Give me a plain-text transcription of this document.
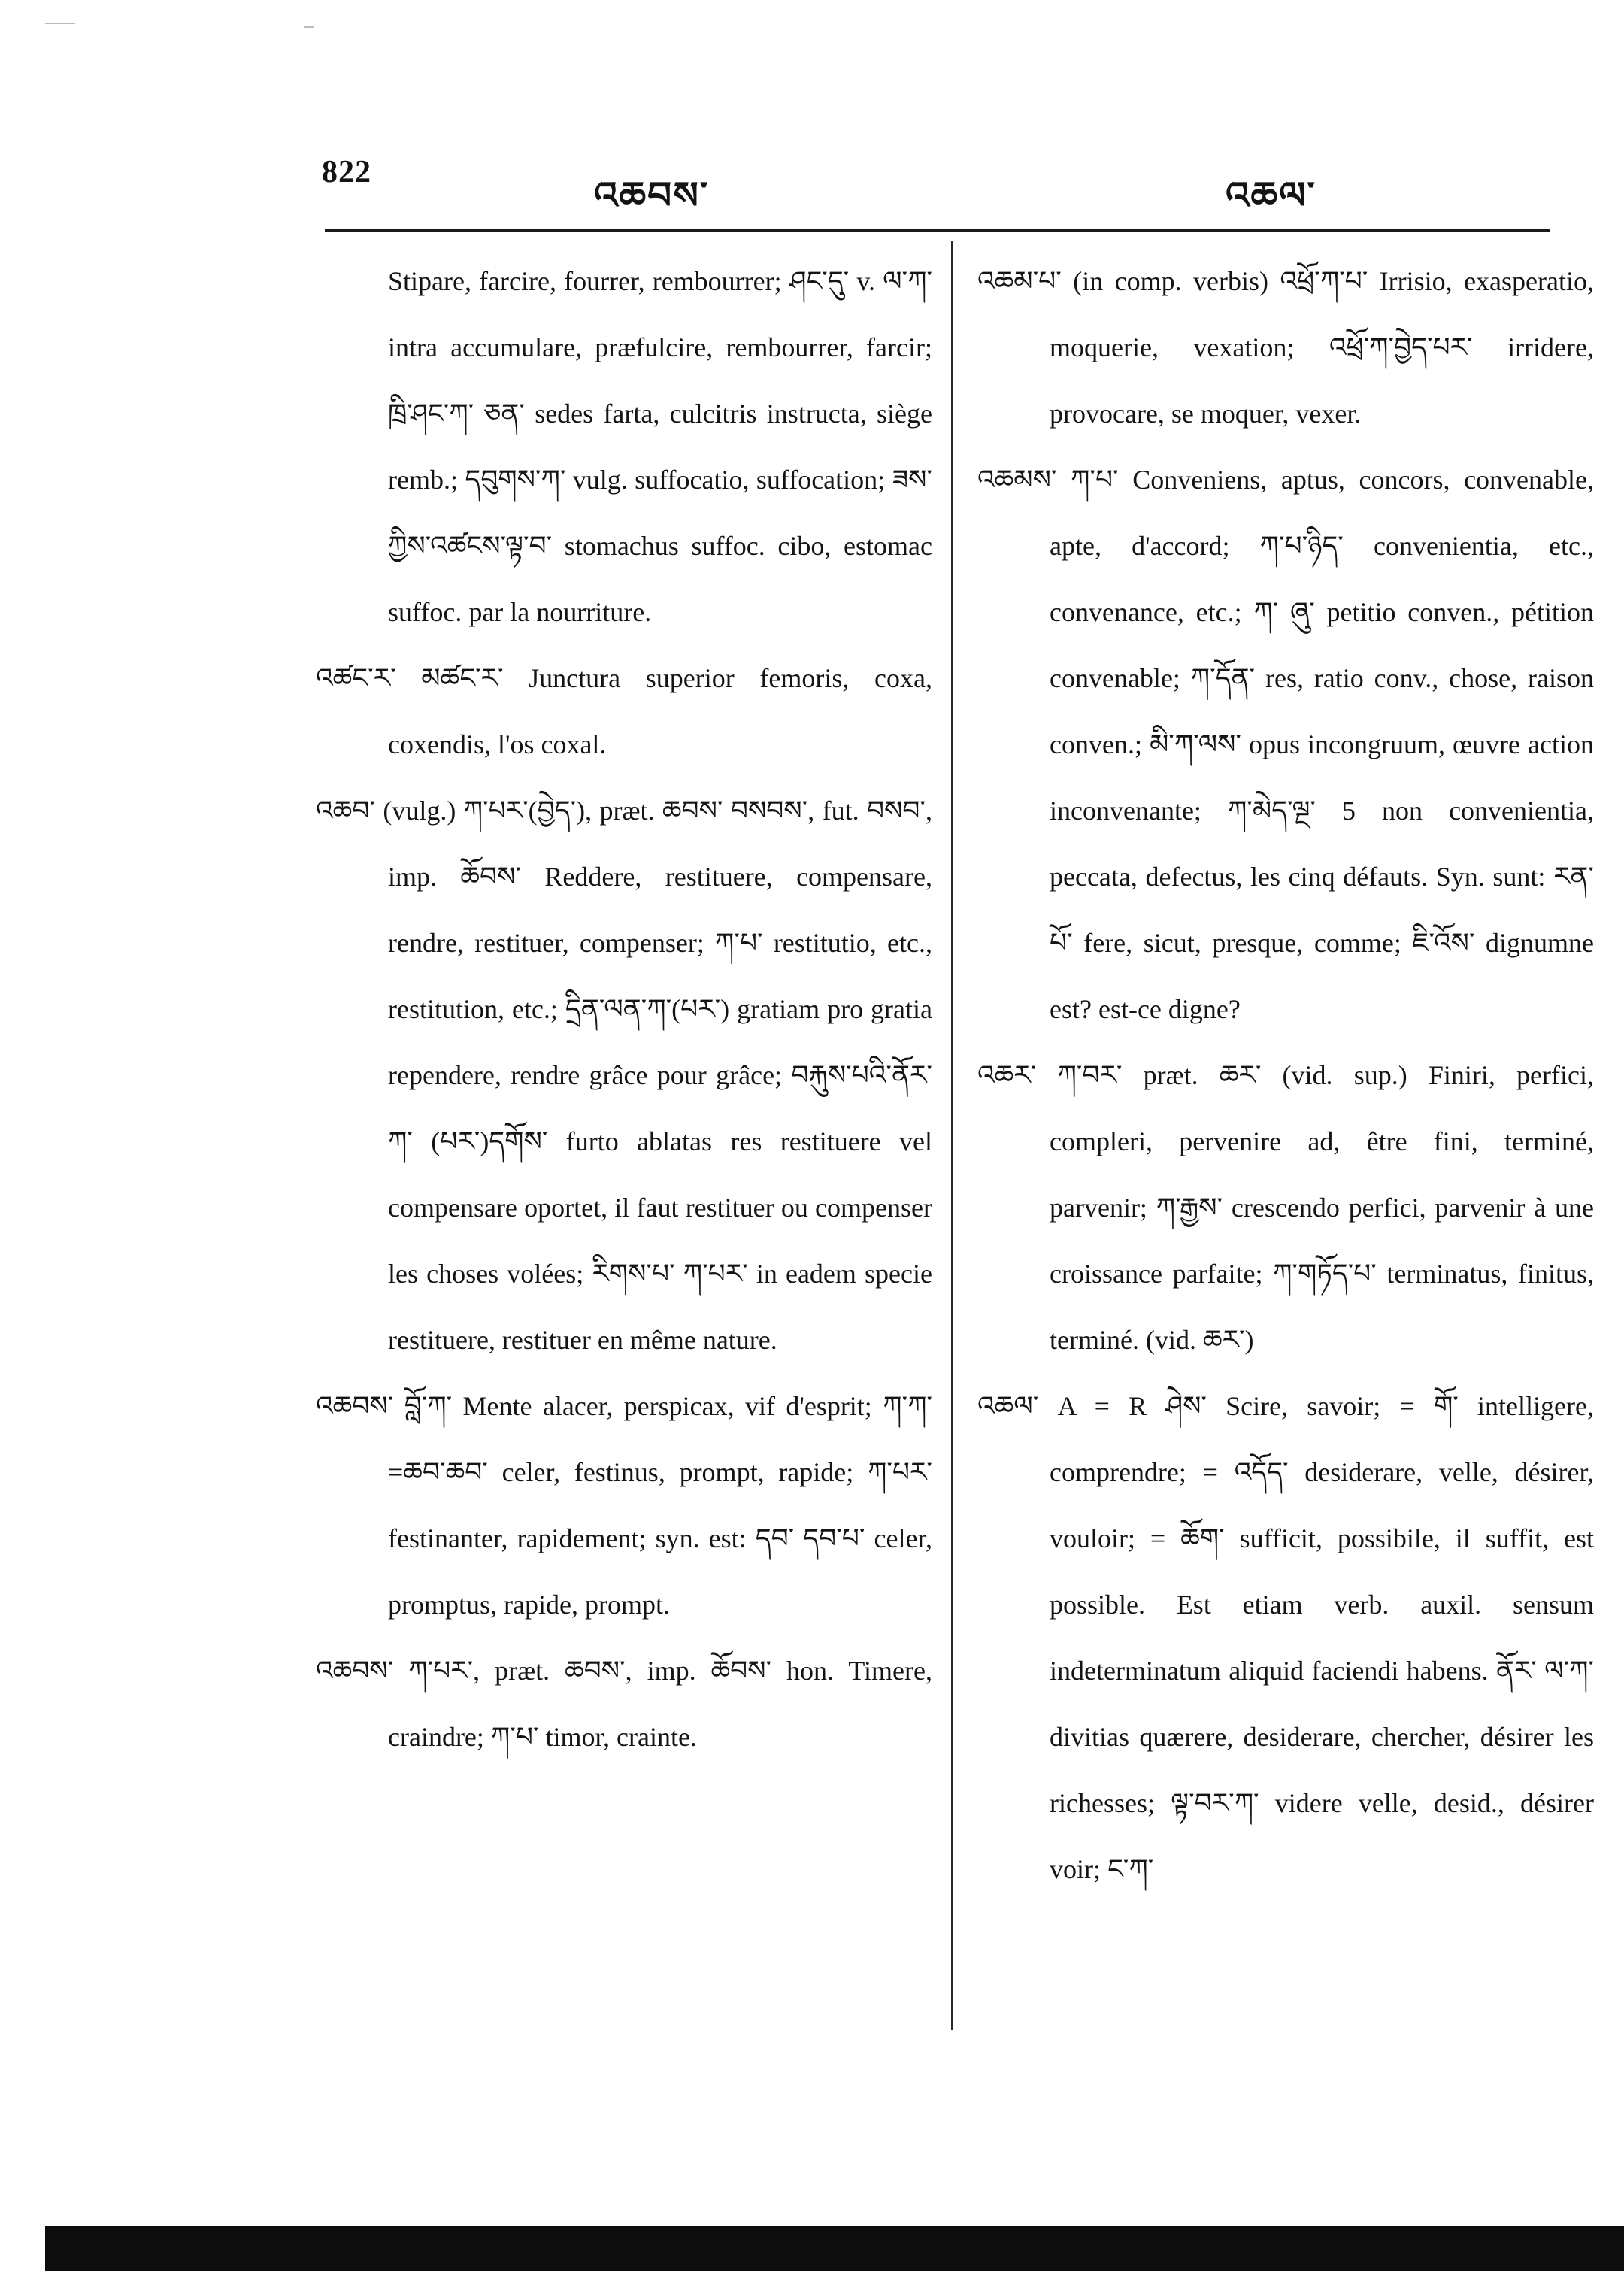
822
འཆབས་	འཆལ་

Stipare, farcire, fourrer, rembourrer; ཤང་དུ་ v. ལ་ཀ་ intra accumulare, præfulcire, rembourrer, farcir; ཁྲི་ཤང་ཀ་ ཅན་ sedes farta, culcitris instructa, siège remb.; དབུགས་ཀ་ vulg. suffocatio, suffocation; ཟས་ཀྱིས་འཚངས་ལྟ་བ་ stomachus suffoc. cibo, estomac suffoc. par la nourriture.

འཚང་ར་ མཚང་ར་ Junctura superior femoris, coxa, coxendis, l'os coxal.

འཆབ་ (vulg.) ཀ་པར་(བྱེད་), præt. ཆབས་ བསབས་, fut. བསབ་, imp. ཆོབས་ Reddere, restituere, compensare, rendre, restituer, compenser; ཀ་པ་ restitutio, etc., restitution, etc.; དྲིན་ལན་ཀ་(པར་) gratiam pro gratia rependere, rendre grâce pour grâce; བརྐུས་པའི་ནོར་ཀ་ (པར་)དགོས་ furto ablatas res restituere vel compensare oportet, il faut restituer ou compenser les choses volées; རིགས་པ་ ཀ་པར་ in eadem specie restituere, restituer en même nature.

འཆབས་ བློ་ཀ་ Mente alacer, perspicax, vif d'esprit; ཀ་ཀ་=ཆབ་ཆབ་ celer, festinus, prompt, rapide; ཀ་པར་ festinanter, rapidement; syn. est: དབ་ དབ་པ་ celer, promptus, rapide, prompt.

འཆབས་ ཀ་པར་, præt. ཆབས་, imp. ཆོབས་ hon. Timere, craindre; ཀ་པ་ timor, crainte.

འཆམ་པ་ (in comp. verbis) འཕྲོ་ཀ་པ་ Irrisio, exasperatio, moquerie, vexation; འཕྲོ་ཀ་བྱེད་པར་ irridere, provocare, se moquer, vexer.

འཆམས་ ཀ་པ་ Conveniens, aptus, concors, convenable, apte, d'accord; ཀ་པ་ཉིད་ convenientia, etc., convenance, etc.; ཀ་ ཞུ་ petitio conven., pétition convenable; ཀ་དོན་ res, ratio conv., chose, raison conven.; མི་ཀ་ལས་ opus incongruum, œuvre action inconvenante; ཀ་མེད་ལྔ་ 5 non convenientia, peccata, defectus, les cinq défauts. Syn. sunt: རན་པོ་ fere, sicut, presque, comme; ཇི་འོས་ dignumne est? est-ce digne?

འཆར་ ཀ་བར་ præt. ཆར་ (vid. sup.) Finiri, perfici, compleri, pervenire ad, être fini, terminé, parvenir; ཀ་རྒྱས་ crescendo perfici, parvenir à une croissance parfaite; ཀ་གཏོད་པ་ terminatus, finitus, terminé. (vid. ཆར་)

འཆལ་ A = R ཤེས་ Scire, savoir; = གོ་ intelligere, comprendre; = འདོད་ desiderare, velle, désirer, vouloir; = ཆོག་ sufficit, possibile, il suffit, est possible. Est etiam verb. auxil. sensum indeterminatum aliquid faciendi habens. ནོར་ ལ་ཀ་ divitias quærere, desiderare, chercher, désirer les richesses; ལྟ་བར་ཀ་ videre velle, desid., désirer voir; ང་ཀ་
